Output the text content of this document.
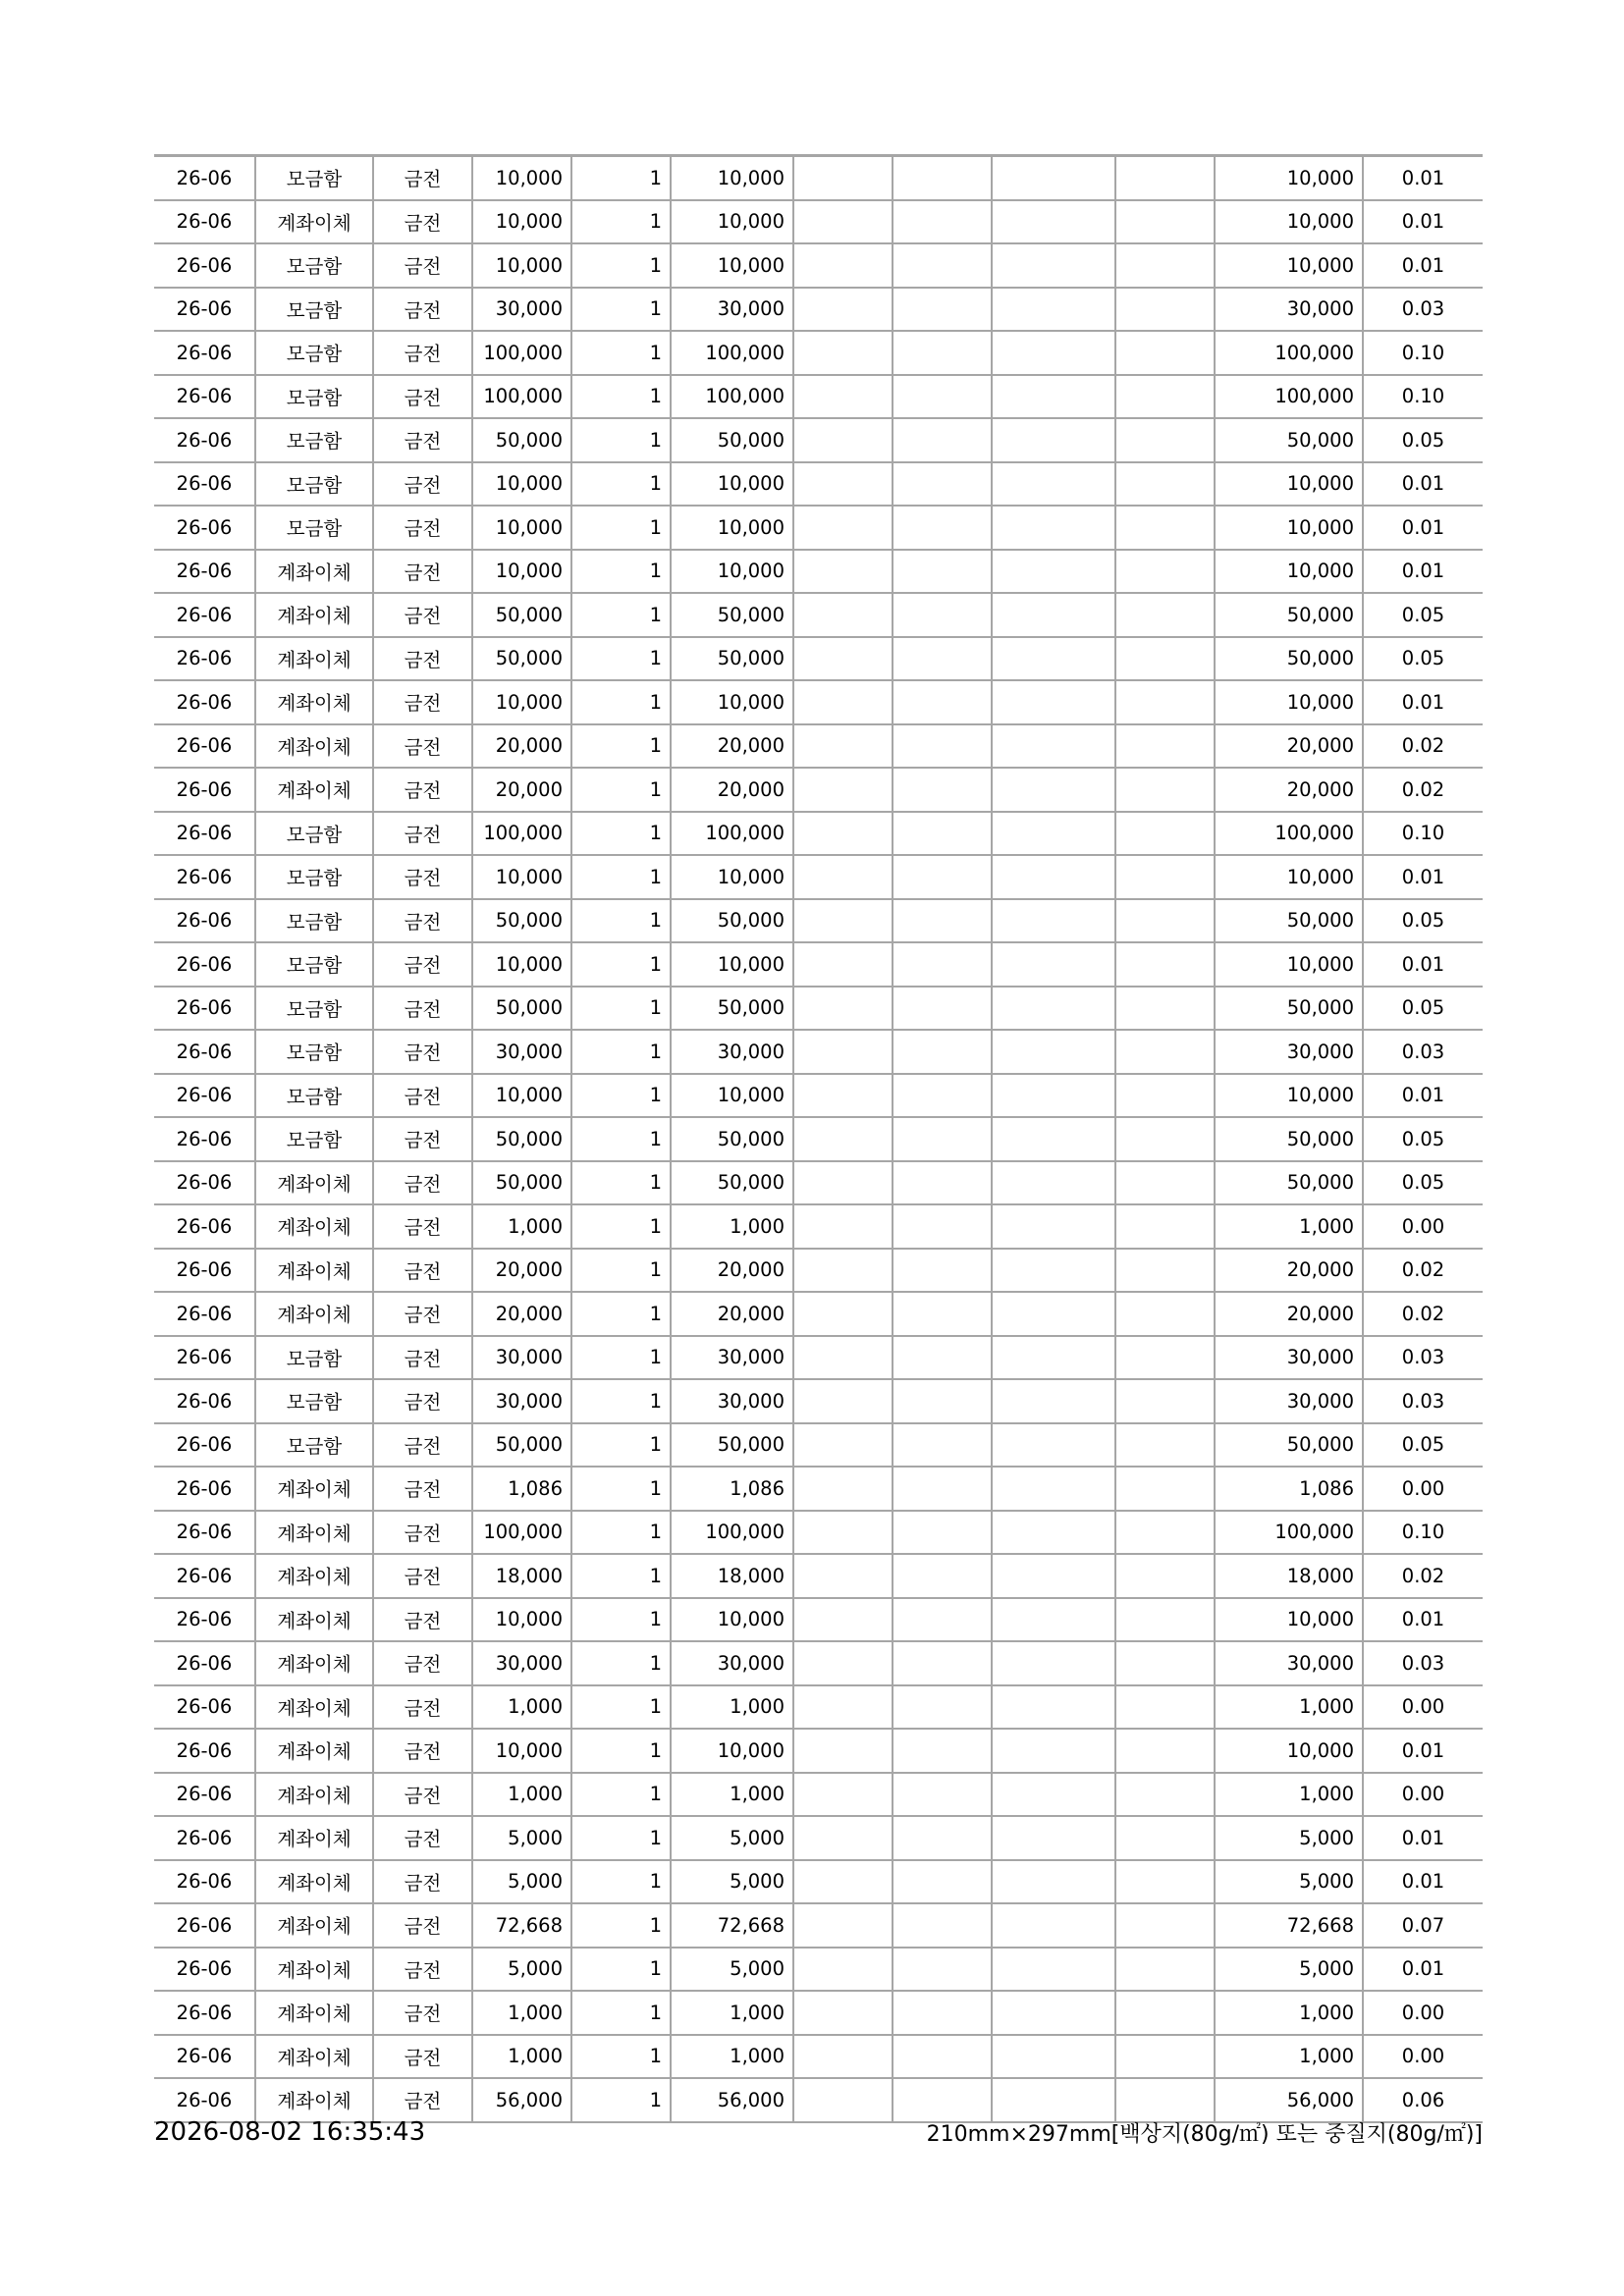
26-06	모금함	금전	10,000	1	10,000					10,000	0.01
26-06	계좌이체	금전	10,000	1	10,000					10,000	0.01
26-06	모금함	금전	10,000	1	10,000					10,000	0.01
26-06	모금함	금전	30,000	1	30,000					30,000	0.03
26-06	모금함	금전	100,000	1	100,000					100,000	0.10
26-06	모금함	금전	100,000	1	100,000					100,000	0.10
26-06	모금함	금전	50,000	1	50,000					50,000	0.05
26-06	모금함	금전	10,000	1	10,000					10,000	0.01
26-06	모금함	금전	10,000	1	10,000					10,000	0.01
26-06	계좌이체	금전	10,000	1	10,000					10,000	0.01
26-06	계좌이체	금전	50,000	1	50,000					50,000	0.05
26-06	계좌이체	금전	50,000	1	50,000					50,000	0.05
26-06	계좌이체	금전	10,000	1	10,000					10,000	0.01
26-06	계좌이체	금전	20,000	1	20,000					20,000	0.02
26-06	계좌이체	금전	20,000	1	20,000					20,000	0.02
26-06	모금함	금전	100,000	1	100,000					100,000	0.10
26-06	모금함	금전	10,000	1	10,000					10,000	0.01
26-06	모금함	금전	50,000	1	50,000					50,000	0.05
26-06	모금함	금전	10,000	1	10,000					10,000	0.01
26-06	모금함	금전	50,000	1	50,000					50,000	0.05
26-06	모금함	금전	30,000	1	30,000					30,000	0.03
26-06	모금함	금전	10,000	1	10,000					10,000	0.01
26-06	모금함	금전	50,000	1	50,000					50,000	0.05
26-06	계좌이체	금전	50,000	1	50,000					50,000	0.05
26-06	계좌이체	금전	1,000	1	1,000					1,000	0.00
26-06	계좌이체	금전	20,000	1	20,000					20,000	0.02
26-06	계좌이체	금전	20,000	1	20,000					20,000	0.02
26-06	모금함	금전	30,000	1	30,000					30,000	0.03
26-06	모금함	금전	30,000	1	30,000					30,000	0.03
26-06	모금함	금전	50,000	1	50,000					50,000	0.05
26-06	계좌이체	금전	1,086	1	1,086					1,086	0.00
26-06	계좌이체	금전	100,000	1	100,000					100,000	0.10
26-06	계좌이체	금전	18,000	1	18,000					18,000	0.02
26-06	계좌이체	금전	10,000	1	10,000					10,000	0.01
26-06	계좌이체	금전	30,000	1	30,000					30,000	0.03
26-06	계좌이체	금전	1,000	1	1,000					1,000	0.00
26-06	계좌이체	금전	10,000	1	10,000					10,000	0.01
26-06	계좌이체	금전	1,000	1	1,000					1,000	0.00
26-06	계좌이체	금전	5,000	1	5,000					5,000	0.01
26-06	계좌이체	금전	5,000	1	5,000					5,000	0.01
26-06	계좌이체	금전	72,668	1	72,668					72,668	0.07
26-06	계좌이체	금전	5,000	1	5,000					5,000	0.01
26-06	계좌이체	금전	1,000	1	1,000					1,000	0.00
26-06	계좌이체	금전	1,000	1	1,000					1,000	0.00
26-06	계좌이체	금전	56,000	1	56,000					56,000	0.06
2026-08-02 16:35:43	210mm×297mm[백상지(80g/㎡) 또는 중질지(80g/㎡)]
